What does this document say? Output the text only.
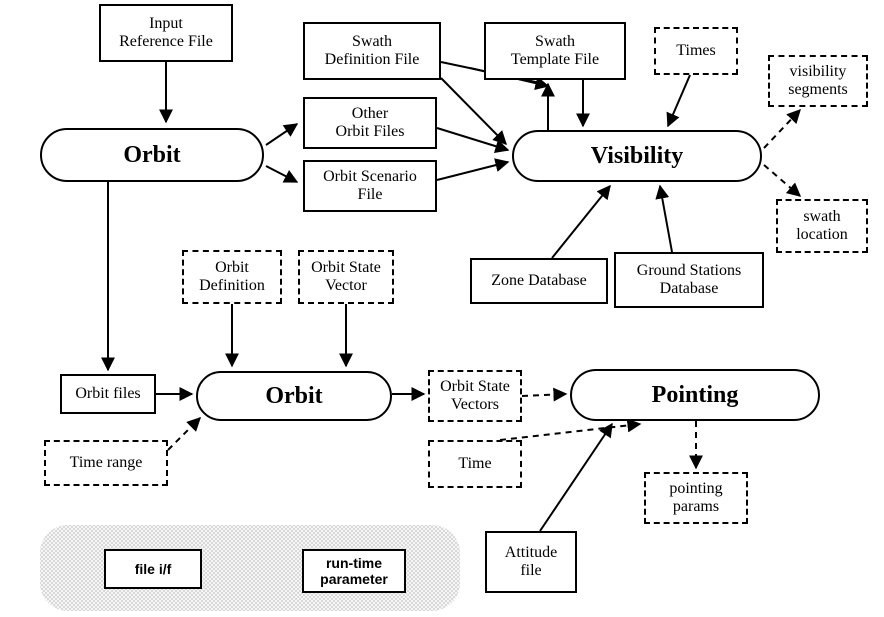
Input
Reference File	Swath
Definition File
Swath
Template File
Times
visibility
segments
Other
Orbit Files
Orbit Scenario
File
Orbit	Visibility
swath
location
Orbit
Definition
Orbit State
Vector	Zone Database
Ground Stations
Database
Orbit files	Orbit	Orbit State
Vectors	Pointing
Time range	Time
pointing
params
Attitude
file
file i/f	run-time
parameter
